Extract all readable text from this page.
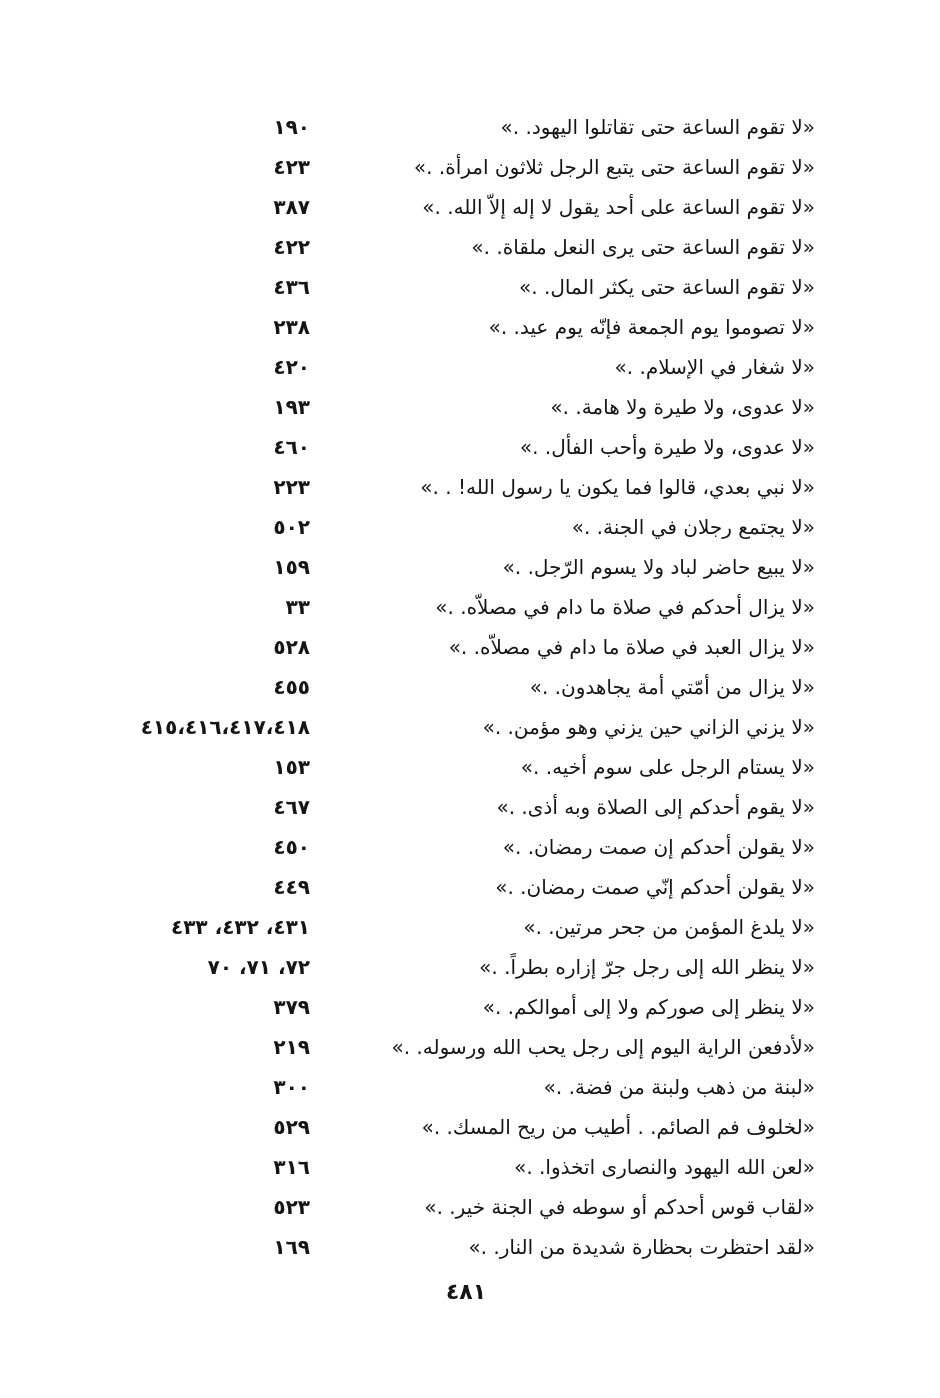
«لا تقوم الساعة حتى تقاتلوا اليهود. .»
١٩٠
«لا تقوم الساعة حتى يتبع الرجل ثلاثون امرأة. .»
٤٢٣
«لا تقوم الساعة على أحد يقول لا إله إلاّ الله. .»
٣٨٧
«لا تقوم الساعة حتى يرى النعل ملقاة. .»
٤٢٢
«لا تقوم الساعة حتى يكثر المال. .»
٤٣٦
«لا تصوموا يوم الجمعة فإنّه يوم عيد. .»
٢٣٨
«لا شغار في الإسلام. .»
٤٢٠
«لا عدوى، ولا طيرة ولا هامة. .»
١٩٣
«لا عدوى، ولا طيرة وأحب الفأل. .»
٤٦٠
«لا نبي بعدي، قالوا فما يكون يا رسول الله! . .»
٢٢٣
«لا يجتمع رجلان في الجنة. .»
٥٠٢
«لا يبيع حاضر لباد ولا يسوم الرّجل. .»
١٥٩
«لا يزال أحدكم في صلاة ما دام في مصلاّه. .»
٣٣
«لا يزال العبد في صلاة ما دام في مصلاّه. .»
٥٢٨
«لا يزال من أمّتي أمة يجاهدون. .»
٤٥٥
«لا يزني الزاني حين يزني وهو مؤمن. .»
٤١٥،٤١٦،٤١٧،٤١٨
«لا يستام الرجل على سوم أخيه. .»
١٥٣
«لا يقوم أحدكم إلى الصلاة وبه أذى. .»
٤٦٧
«لا يقولن أحدكم إن صمت رمضان. .»
٤٥٠
«لا يقولن أحدكم إنّي صمت رمضان. .»
٤٤٩
«لا يلدغ المؤمن من جحر مرتين. .»
٤٣١، ٤٣٢، ٤٣٣
«لا ينظر الله إلى رجل جرّ إزاره بطراً. .»
٧٢، ٧١، ٧٠
«لا ينظر إلى صوركم ولا إلى أموالكم. .»
٣٧٩
«لأدفعن الراية اليوم إلى رجل يحب الله ورسوله. .»
٢١٩
«لبنة من ذهب ولبنة من فضة. .»
٣٠٠
«لخلوف فم الصائم. . أطيب من ريح المسك. .»
٥٢٩
«لعن الله اليهود والنصارى اتخذوا. .»
٣١٦
«لقاب قوس أحدكم أو سوطه في الجنة خير. .»
٥٢٣
«لقد احتظرت بحظارة شديدة من النار. .»
١٦٩
٤٨١
